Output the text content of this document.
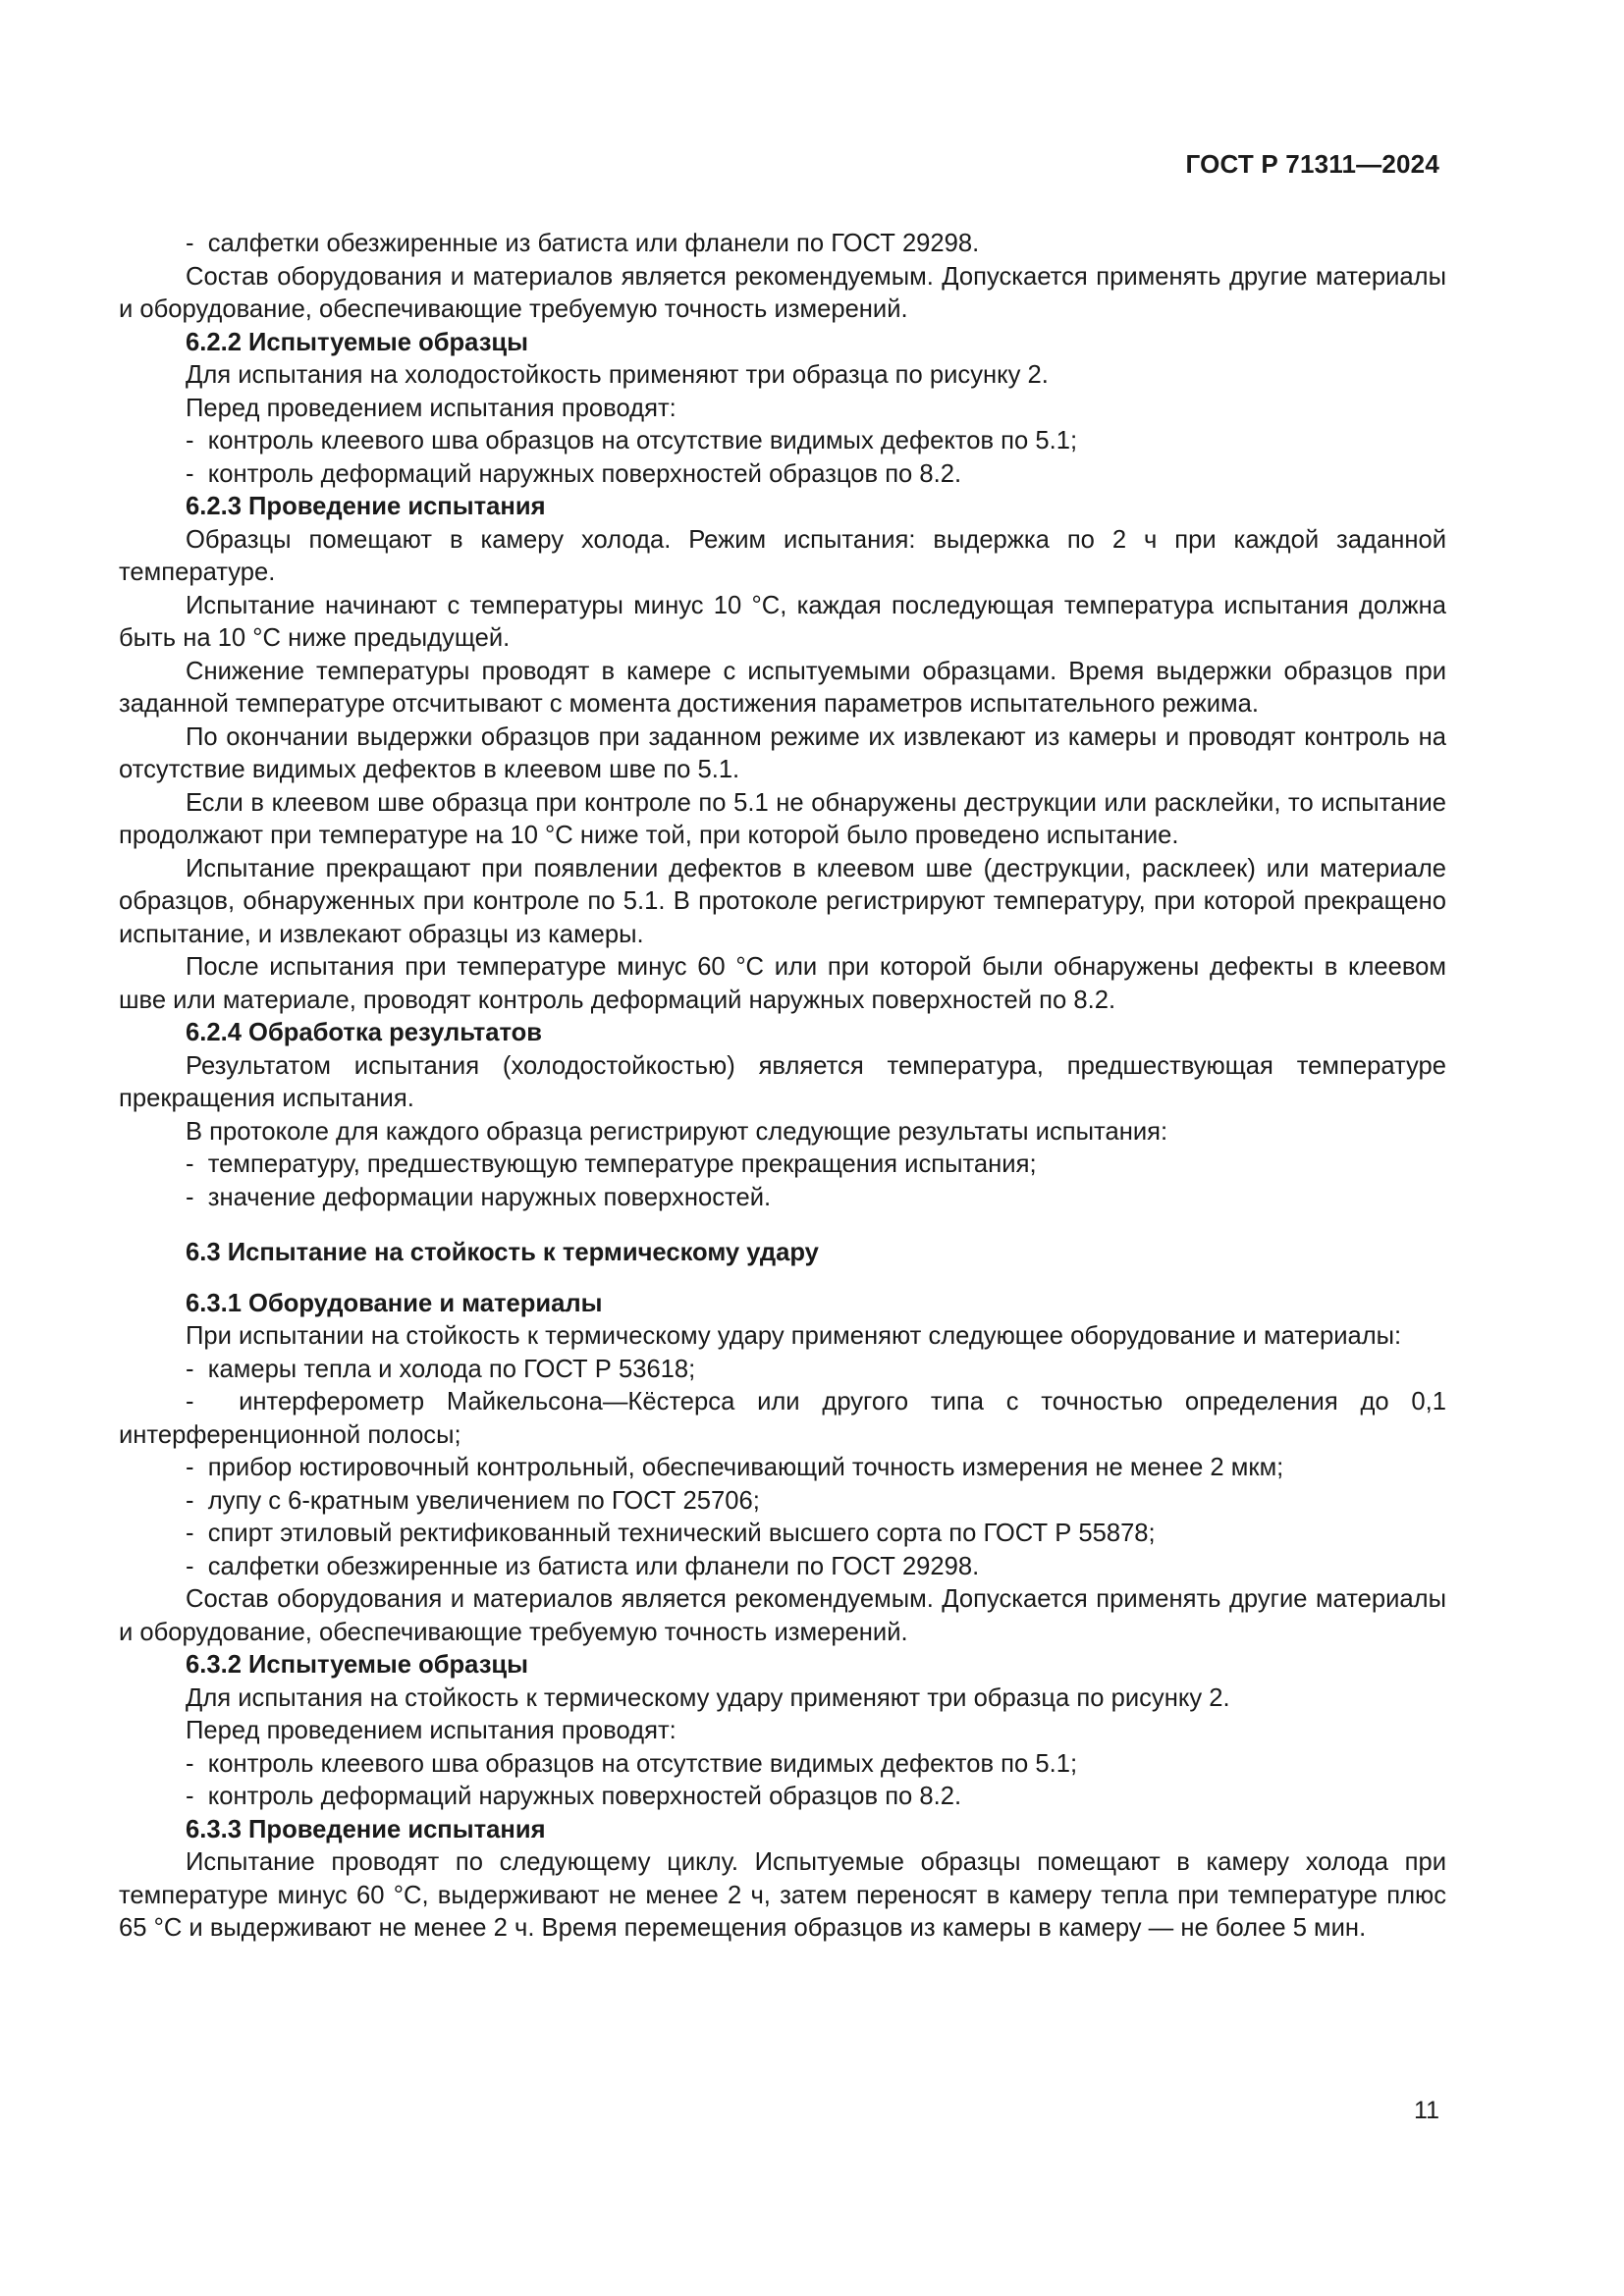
ГОСТ Р 71311—2024

-  салфетки обезжиренные из батиста или фланели по ГОСТ 29298.

Состав оборудования и материалов является рекомендуемым. Допускается применять другие материалы и оборудование, обеспечивающие требуемую точность измерений.

6.2.2 Испытуемые образцы

Для испытания на холодостойкость применяют три образца по рисунку 2.

Перед проведением испытания проводят:

-  контроль клеевого шва образцов на отсутствие видимых дефектов по 5.1;

-  контроль деформаций наружных поверхностей образцов по 8.2.

6.2.3 Проведение испытания

Образцы помещают в камеру холода. Режим испытания: выдержка по 2 ч при каждой заданной температуре.

Испытание начинают с температуры минус 10 °С, каждая последующая температура испытания должна быть на 10 °С ниже предыдущей.

Снижение температуры проводят в камере с испытуемыми образцами. Время выдержки образцов при заданной температуре отсчитывают с момента достижения параметров испытательного режима.

По окончании выдержки образцов при заданном режиме их извлекают из камеры и проводят контроль на отсутствие видимых дефектов в клеевом шве по 5.1.

Если в клеевом шве образца при контроле по 5.1 не обнаружены деструкции или расклейки, то испытание продолжают при температуре на 10 °С ниже той, при которой было проведено испытание.

Испытание прекращают при появлении дефектов в клеевом шве (деструкции, расклеек) или материале образцов, обнаруженных при контроле по 5.1. В протоколе регистрируют температуру, при которой прекращено испытание, и извлекают образцы из камеры.

После испытания при температуре минус 60 °С или при которой были обнаружены дефекты в клеевом шве или материале, проводят контроль деформаций наружных поверхностей по 8.2.

6.2.4 Обработка результатов

Результатом испытания (холодостойкостью) является температура, предшествующая температуре прекращения испытания.

В протоколе для каждого образца регистрируют следующие результаты испытания:

-  температуру, предшествующую температуре прекращения испытания;

-  значение деформации наружных поверхностей.

6.3 Испытание на стойкость к термическому удару

6.3.1 Оборудование и материалы

При испытании на стойкость к термическому удару применяют следующее оборудование и материалы:

-  камеры тепла и холода по ГОСТ Р 53618;

-  интерферометр Майкельсона—Кёстерса или другого типа с точностью определения до 0,1 интерференционной полосы;

-  прибор юстировочный контрольный, обеспечивающий точность измерения не менее 2 мкм;

-  лупу с 6-кратным увеличением по ГОСТ 25706;

-  спирт этиловый ректификованный технический высшего сорта по ГОСТ Р 55878;

-  салфетки обезжиренные из батиста или фланели по ГОСТ 29298.

Состав оборудования и материалов является рекомендуемым. Допускается применять другие материалы и оборудование, обеспечивающие требуемую точность измерений.

6.3.2 Испытуемые образцы

Для испытания на стойкость к термическому удару применяют три образца по рисунку 2.

Перед проведением испытания проводят:

-  контроль клеевого шва образцов на отсутствие видимых дефектов по 5.1;

-  контроль деформаций наружных поверхностей образцов по 8.2.

6.3.3 Проведение испытания

Испытание проводят по следующему циклу. Испытуемые образцы помещают в камеру холода при температуре минус 60 °С, выдерживают не менее 2 ч, затем переносят в камеру тепла при температуре плюс 65 °С и выдерживают не менее 2 ч. Время перемещения образцов из камеры в камеру — не более 5 мин.

11
